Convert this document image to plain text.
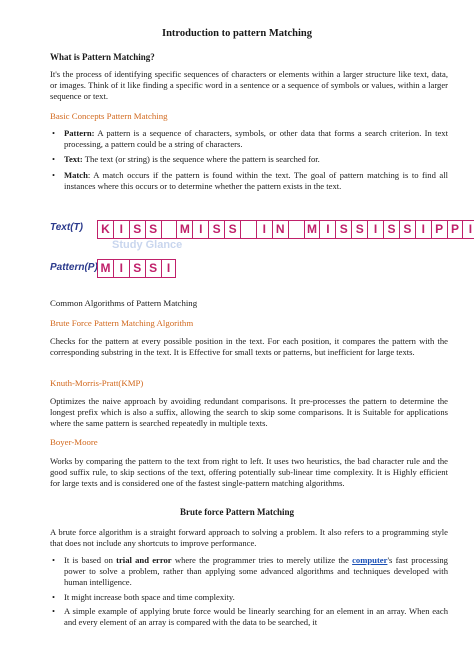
Introduction to pattern Matching
What is Pattern Matching?
It's the process of identifying specific sequences of characters or elements within a larger structure like text, data, or images. Think of it like finding a specific word in a sentence or a sequence of symbols or values, within a larger sequence or text.
Basic Concepts Pattern Matching
• Pattern: A pattern is a sequence of characters, symbols, or other data that forms a search criterion. In text processing, a pattern could be a string of characters.
• Text: The text (or string) is the sequence where the pattern is searched for.
• Match: A match occurs if the pattern is found within the text. The goal of pattern matching is to find all instances where this occurs or to determine whether the pattern exists in the text.
Text(T)	K I S S M I S S	I N M I S S I S S I P P I
Study Glance
Pattern(P) M I S S I
Common Algorithms of Pattern Matching
Brute Force Pattern Matching Algorithm
Checks for the pattern at every possible position in the text. For each position, it compares the pattern with the corresponding substring in the text. It is Effective for small texts or patterns, but inefficient for large texts.
Knuth-Morris-Pratt(KMP)
Optimizes the naive approach by avoiding redundant comparisons. It pre-processes the pattern to determine the longest prefix which is also a suffix, allowing the search to skip some comparisons. It is Suitable for applications where the same pattern is searched repeatedly in multiple texts.
Boyer-Moore
Works by comparing the pattern to the text from right to left. It uses two heuristics, the bad character rule and the good suffix rule, to skip sections of the text, offering potentially sub-linear time complexity. It is Highly efficient for large texts and is considered one of the fastest single-pattern matching algorithms.
Brute force Pattern Matching
A brute force algorithm is a straight forward approach to solving a problem. It also refers to a programming style that does not include any shortcuts to improve performance.
• It is based on trial and error where the programmer tries to merely utilize the computer's fast processing power to solve a problem, rather than applying some advanced algorithms and techniques developed with human intelligence.
• It might increase both space and time complexity.
• A simple example of applying brute force would be linearly searching for an element in an array. When each and every element of an array is compared with the data to be searched, it
